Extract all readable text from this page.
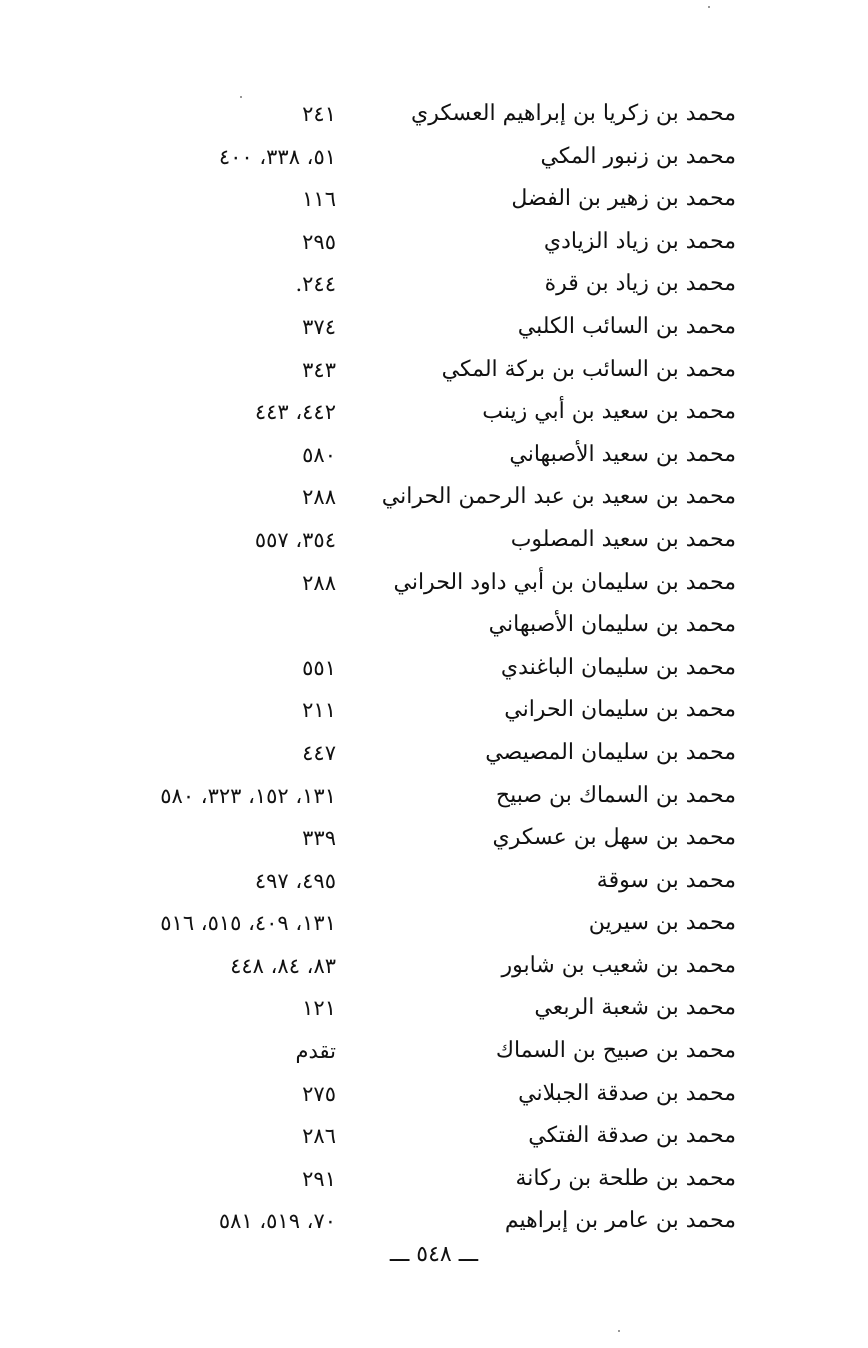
محمد بن زكريا بن إبراهيم العسكري
٢٤١
محمد بن زنبور المكي
٥١، ٣٣٨، ٤٠٠
محمد بن زهير بن الفضل
١١٦
محمد بن زياد الزيادي
٢٩٥
محمد بن زياد بن قرة
٢٤٤.
محمد بن السائب الكلبي
٣٧٤
محمد بن السائب بن بركة المكي
٣٤٣
محمد بن سعيد بن أبي زينب
٤٤٢، ٤٤٣
محمد بن سعيد الأصبهاني
٥٨٠
محمد بن سعيد بن عبد الرحمن الحراني
٢٨٨
محمد بن سعيد المصلوب
٣٥٤، ٥٥٧
محمد بن سليمان بن أبي داود الحراني
٢٨٨
محمد بن سليمان الأصبهاني
محمد بن سليمان الباغندي
٥٥١
محمد بن سليمان الحراني
٢١١
محمد بن سليمان المصيصي
٤٤٧
محمد بن السماك بن صبيح
١٣١، ١٥٢، ٣٢٣، ٥٨٠
محمد بن سهل بن عسكري
٣٣٩
محمد بن سوقة
٤٩٥، ٤٩٧
محمد بن سيرين
١٣١، ٤٠٩، ٥١٥، ٥١٦
محمد بن شعيب بن شابور
٨٣، ٨٤، ٤٤٨
محمد بن شعبة الربعي
١٢١
محمد بن صبيح بن السماك
تقدم
محمد بن صدقة الجبلاني
٢٧٥
محمد بن صدقة الفتكي
٢٨٦
محمد بن طلحة بن ركانة
٢٩١
محمد بن عامر بن إبراهيم
٧٠، ٥١٩، ٥٨١
ـــ ٥٤٨ ـــ
